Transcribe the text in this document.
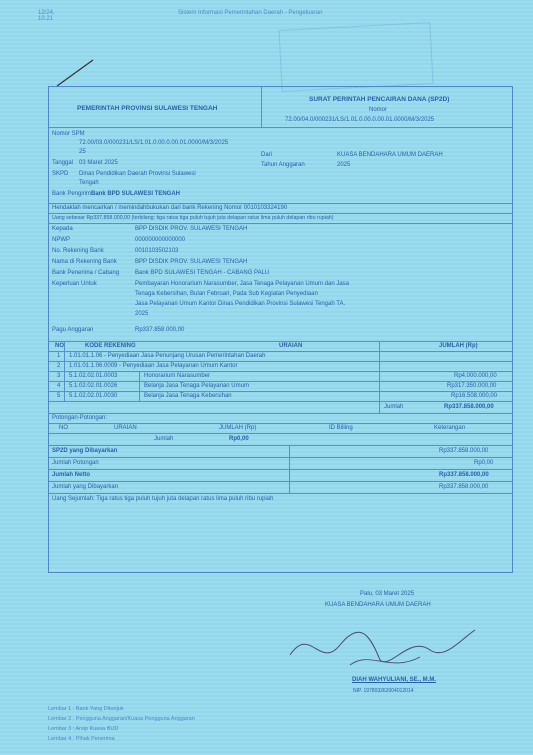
12/24, 10.21
Sistem Informasi Pemerintahan Daerah - Pengeluaran
PEMERINTAH PROVINSI SULAWESI TENGAH
SURAT PERINTAH PENCAIRAN DANA (SP2D)
Nomor
72.00/04.0/000231/LS/1.01.0.00.0.00.01.0000/M/3/2025
Nomor SPM
72.00/03.0/000231/LS/1.01.0.00.0.00.01.0000/M/3/2025
25	Dari	KUASA BENDAHARA UMUM DAERAH
Tanggal 03 Maret 2025	Tahun Anggaran	2025
SKPD Dinas Pendidikan Daerah Provinsi Sulawesi
Tengah
Bank Pengirim Bank BPD SULAWESI TENGAH
Hendaklah mencairkan / memindahbukukan dari bank Rekening Nomor 0010103324190
Uang sebesar Rp337.858.000,00 (terbilang: tiga ratus tiga puluh tujuh juta delapan ratus lima puluh delapan ribu rupiah)
Kepada	BPP DISDIK PROV. SULAWESI TENGAH
NPWP	000000000000000
No. Rekening Bank	0010103502103
Nama di Rekening Bank	BPP DISDIK PROV. SULAWESI TENGAH
Bank Penerima / Cabang	Bank BPD SULAWESI TENGAH - CABANG PALU
Keperluan Untuk	Pembayaran Honorarium Narasumber, Jasa Tenaga Pelayanan Umum dan Jasa
Tenaga Kebersihan, Bulan Februari, Pada Sub Kegiatan Penyediaan
Jasa Pelayanan Umum Kantor Dinas Pendidikan Provinsi Sulawesi Tengah TA.
2025
Pagu Anggaran	Rp337.858.000,00
NO	KODE REKENING	URAIAN	JUMLAH (Rp)
1 1.01.01.1.06 - Penyediaan Jasa Penunjang Urusan Pemerintahan Daerah
2 1.01.01.1.06.0009 - Penyediaan Jasa Pelayanan Umum Kantor
3 5.1.02.02.01.0003	Honorarium Narasumber	Rp4.000.000,00
4 5.1.02.02.01.0026	Belanja Jasa Tenaga Pelayanan Umum	Rp317.350.000,00
5 5.1.02.02.01.0030	Belanja Jasa Tenaga Kebersihan	Rp16.508.000,00
Jumlah	Rp337.858.000,00
Potongan-Potongan:
NO	URAIAN	JUMLAH (Rp)	ID Billing	Keterangan
Jumlah	Rp0,00
SP2D yang Dibayarkan	Rp337.858.000,00
Jumlah Potongan	Rp0,00
Jumlah Netto	Rp337.858.000,00
Jumlah yang Dibayarkan	Rp337.858.000,00
Uang Sejumlah: Tiga ratus tiga puluh tujuh juta delapan ratus lima puluh ribu rupiah
Palu, 03 Maret 2025
KUASA BENDAHARA UMUM DAERAH
DIAH WAHYULIANI, SE., M.M.
NIP. 197803262004012014
Lembar 1 : Bank Yang Ditunjuk
Lembar 2 : Pengguna Anggaran/Kuasa Pengguna Anggaran
Lembar 3 : Arsip Kuasa BUD
Lembar 4 : Pihak Penerima
